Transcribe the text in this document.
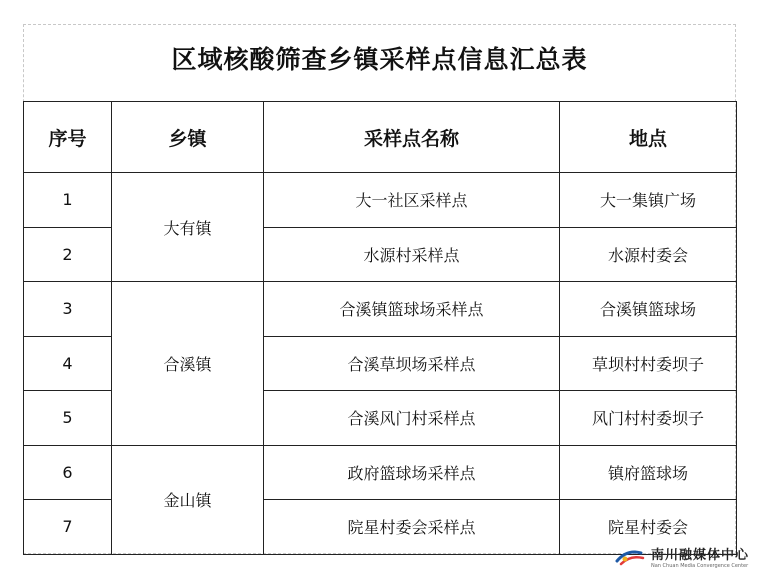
区域核酸筛查乡镇采样点信息汇总表
序号	乡镇	采样点名称	地点
1	大有镇	大一社区采样点	大一集镇广场
2		水源村采样点	水源村委会
3	合溪镇	合溪镇篮球场采样点	合溪镇篮球场
4		合溪草坝场采样点	草坝村村委坝子
5		合溪风门村采样点	风门村村委坝子
6	金山镇	政府篮球场采样点	镇府篮球场
7		院星村委会采样点	院星村委会
南川融媒体中心
Nan Chuan Media Convergence Center
